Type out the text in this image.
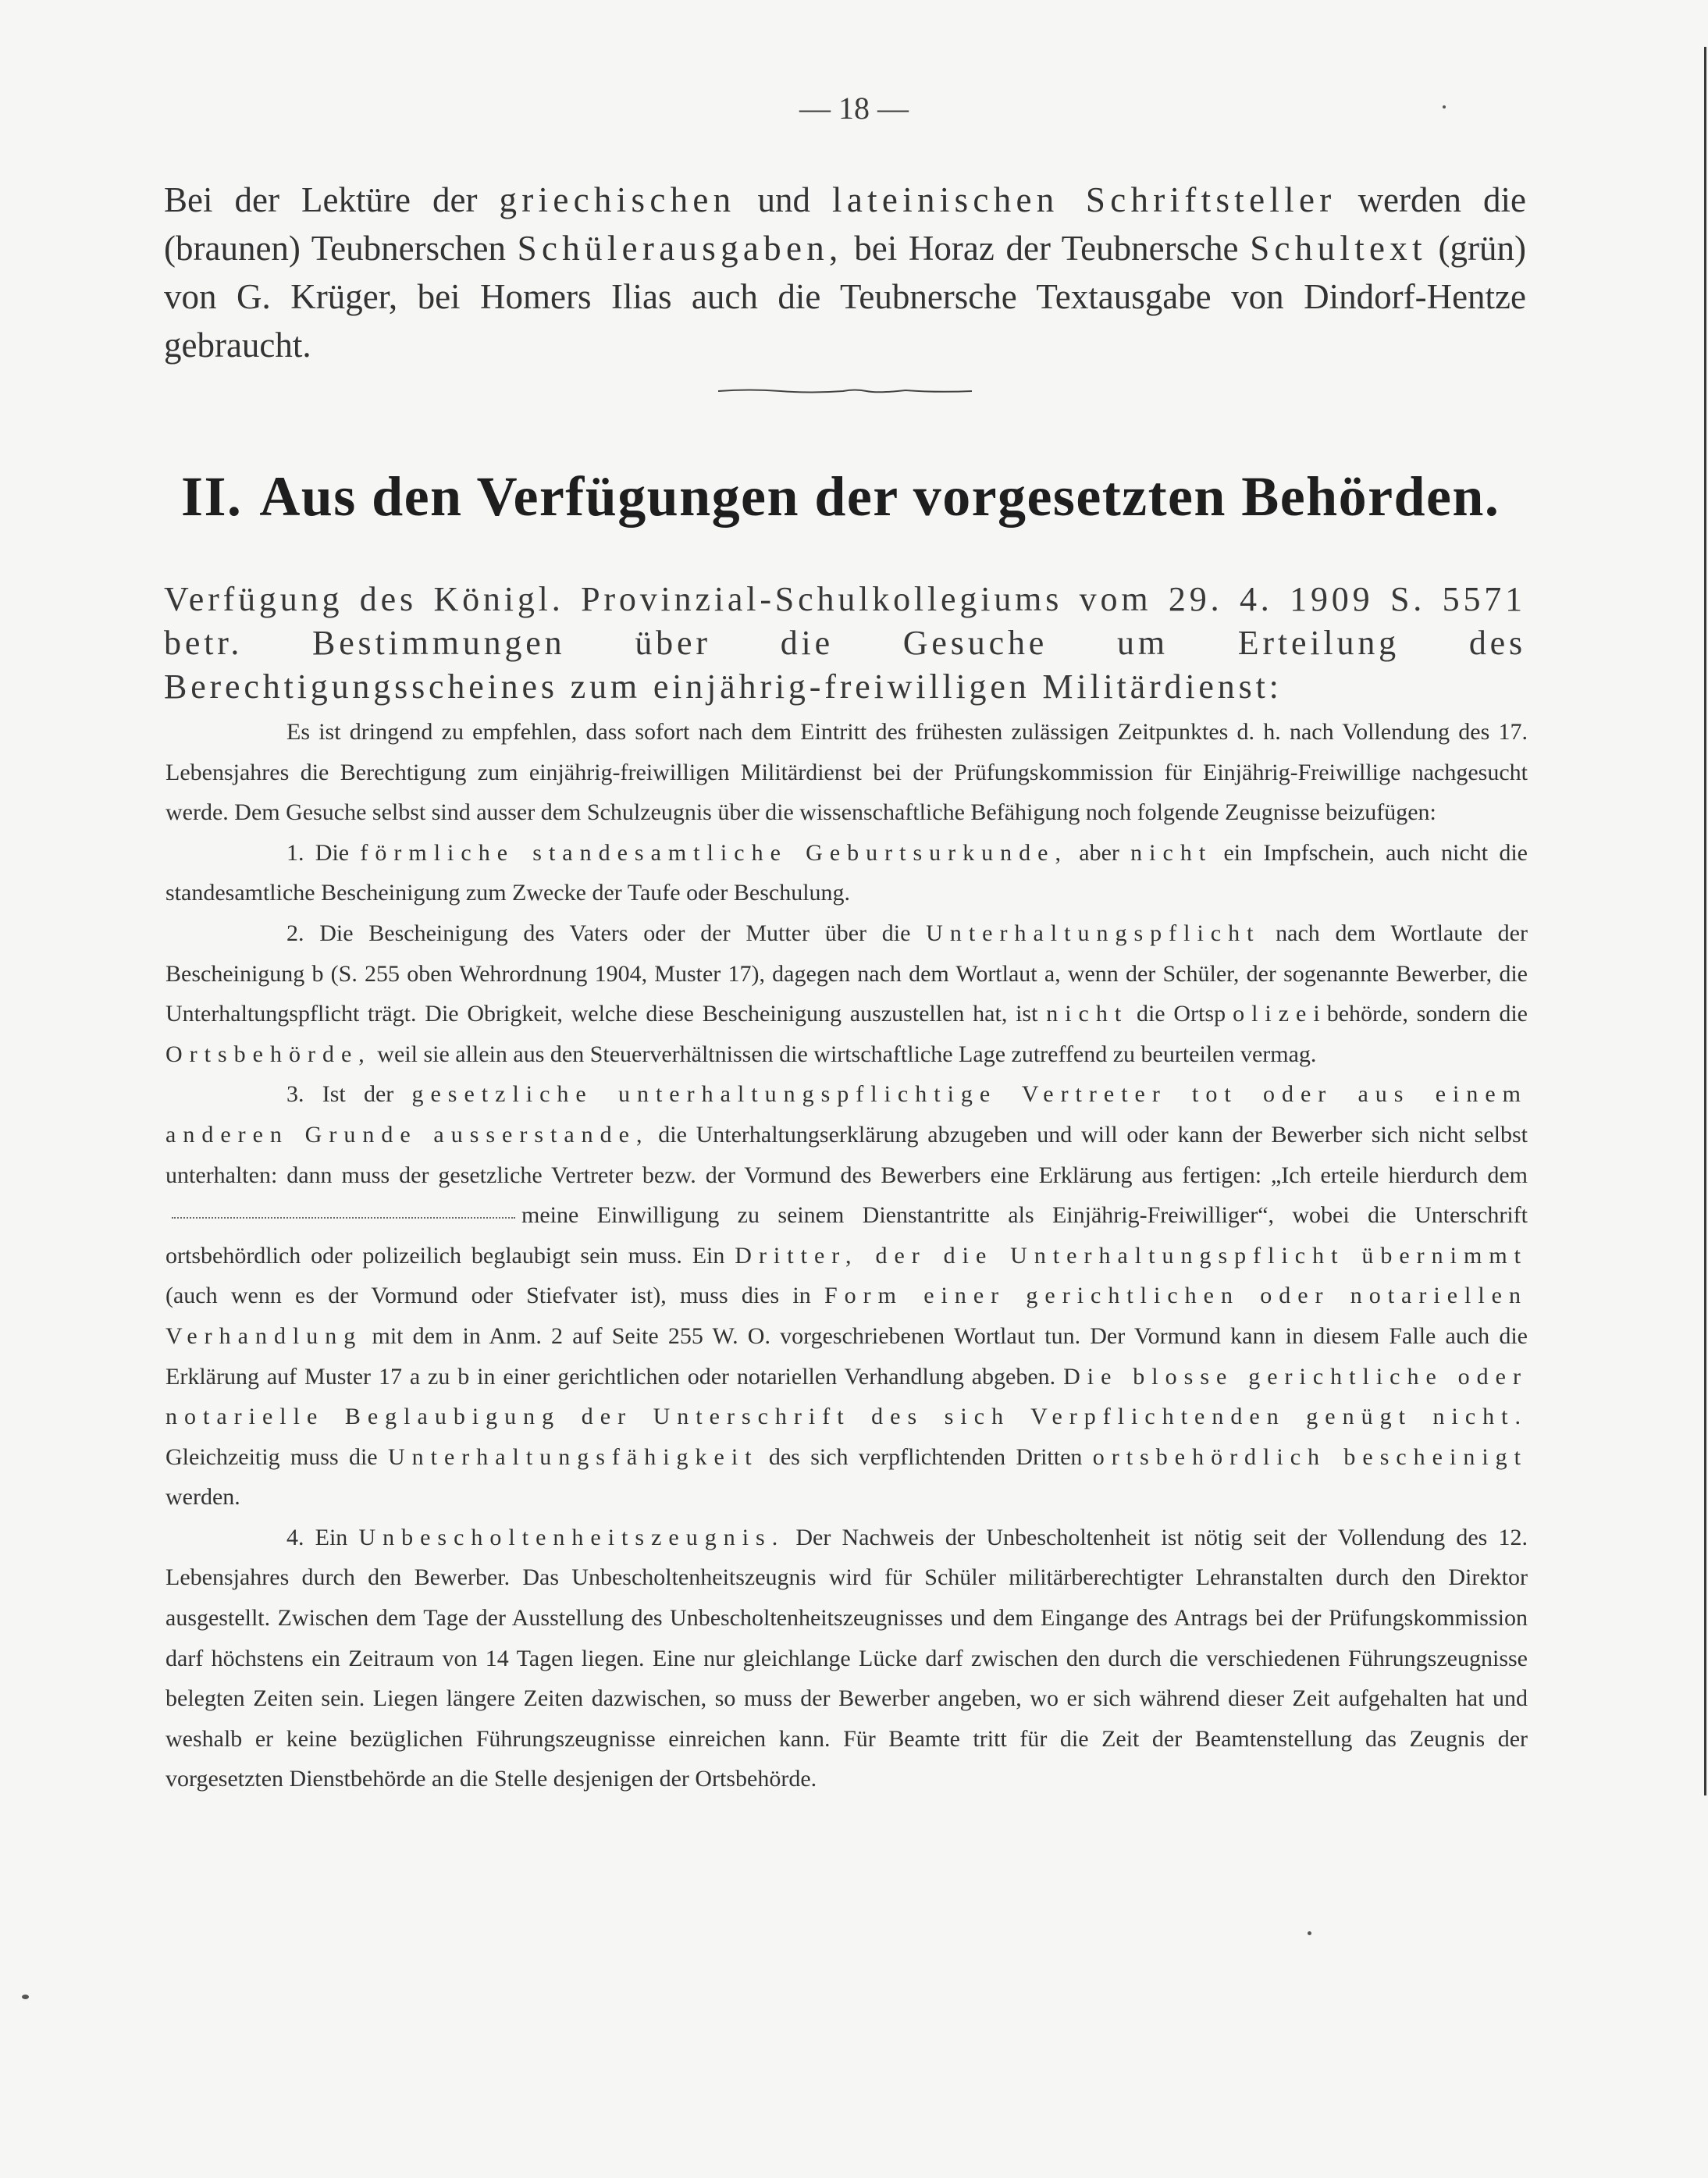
— 18 —
Bei der Lektüre der griechischen und lateinischen Schriftsteller werden die (braunen) Teubnerschen Schülerausgaben, bei Horaz der Teubnersche Schultext (grün) von G. Krüger, bei Homers Ilias auch die Teubnersche Textausgabe von Dindorf-Hentze gebraucht.
II. Aus den Verfügungen der vorgesetzten Behörden.
Verfügung des Königl. Provinzial-Schulkollegiums vom 29. 4. 1909 S. 5571 betr. Bestimmungen über die Gesuche um Erteilung des Berechtigungsscheines zum einjährig-freiwilligen Militärdienst:

Es ist dringend zu empfehlen, dass sofort nach dem Eintritt des frühesten zulässigen Zeitpunktes d. h. nach Vollendung des 17. Lebensjahres die Berechtigung zum einjährig-freiwilligen Militärdienst bei der Prüfungskommission für Einjährig-Freiwillige nachgesucht werde. Dem Gesuche selbst sind ausser dem Schulzeugnis über die wissenschaftliche Befähigung noch folgende Zeugnisse beizufügen:

1. Die förmliche standesamtliche Geburtsurkunde, aber nicht ein Impfschein, auch nicht die standesamtliche Bescheinigung zum Zwecke der Taufe oder Beschulung.

2. Die Bescheinigung des Vaters oder der Mutter über die Unterhaltungspflicht nach dem Wortlaute der Bescheinigung b (S. 255 oben Wehrordnung 1904, Muster 17), dagegen nach dem Wortlaut a, wenn der Schüler, der sogenannte Bewerber, die Unterhaltungspflicht trägt. Die Obrigkeit, welche diese Bescheinigung auszustellen hat, ist nicht die Ortspolizeibehörde, sondern die Ortsbehörde, weil sie allein aus den Steuerverhältnissen die wirtschaftliche Lage zutreffend zu beurteilen vermag.

3. Ist der gesetzliche unterhaltungspflichtige Vertreter tot oder aus einem anderen Grunde ausserstande, die Unterhaltungserklärung abzugeben und will oder kann der Bewerber sich nicht selbst unterhalten: dann muss der gesetzliche Vertreter bezw. der Vormund des Bewerbers eine Erklärung aus fertigen: „Ich erteile hierdurch demmeine Einwilligung zu seinem Dienstantritte als Einjährig-Freiwilliger“, wobei die Unterschrift ortsbehördlich oder polizeilich beglaubigt sein muss. Ein Dritter, der die Unterhaltungspflicht übernimmt (auch wenn es der Vormund oder Stiefvater ist), muss dies in Form einer gerichtlichen oder notariellen Verhandlung mit dem in Anm. 2 auf Seite 255 W. O. vorgeschriebenen Wortlaut tun. Der Vormund kann in diesem Falle auch die Erklärung auf Muster 17 a zu b in einer gerichtlichen oder notariellen Verhandlung abgeben. Die blosse gerichtliche oder notarielle Beglaubigung der Unterschrift des sich Verpflichtenden genügt nicht. Gleichzeitig muss die Unterhaltungsfähigkeit des sich verpflichtenden Dritten ortsbehördlich bescheinigt werden.

4. Ein Unbescholtenheitszeugnis. Der Nachweis der Unbescholtenheit ist nötig seit der Vollendung des 12. Lebensjahres durch den Bewerber. Das Unbescholtenheitszeugnis wird für Schüler militärberechtigter Lehranstalten durch den Direktor ausgestellt. Zwischen dem Tage der Ausstellung des Unbescholtenheitszeugnisses und dem Eingange des Antrags bei der Prüfungskommission darf höchstens ein Zeitraum von 14 Tagen liegen. Eine nur gleichlange Lücke darf zwischen den durch die verschiedenen Führungszeugnisse belegten Zeiten sein. Liegen längere Zeiten dazwischen, so muss der Bewerber angeben, wo er sich während dieser Zeit aufgehalten hat und weshalb er keine bezüglichen Führungszeugnisse einreichen kann. Für Beamte tritt für die Zeit der Beamtenstellung das Zeugnis der vorgesetzten Dienstbehörde an die Stelle desjenigen der Ortsbehörde.
